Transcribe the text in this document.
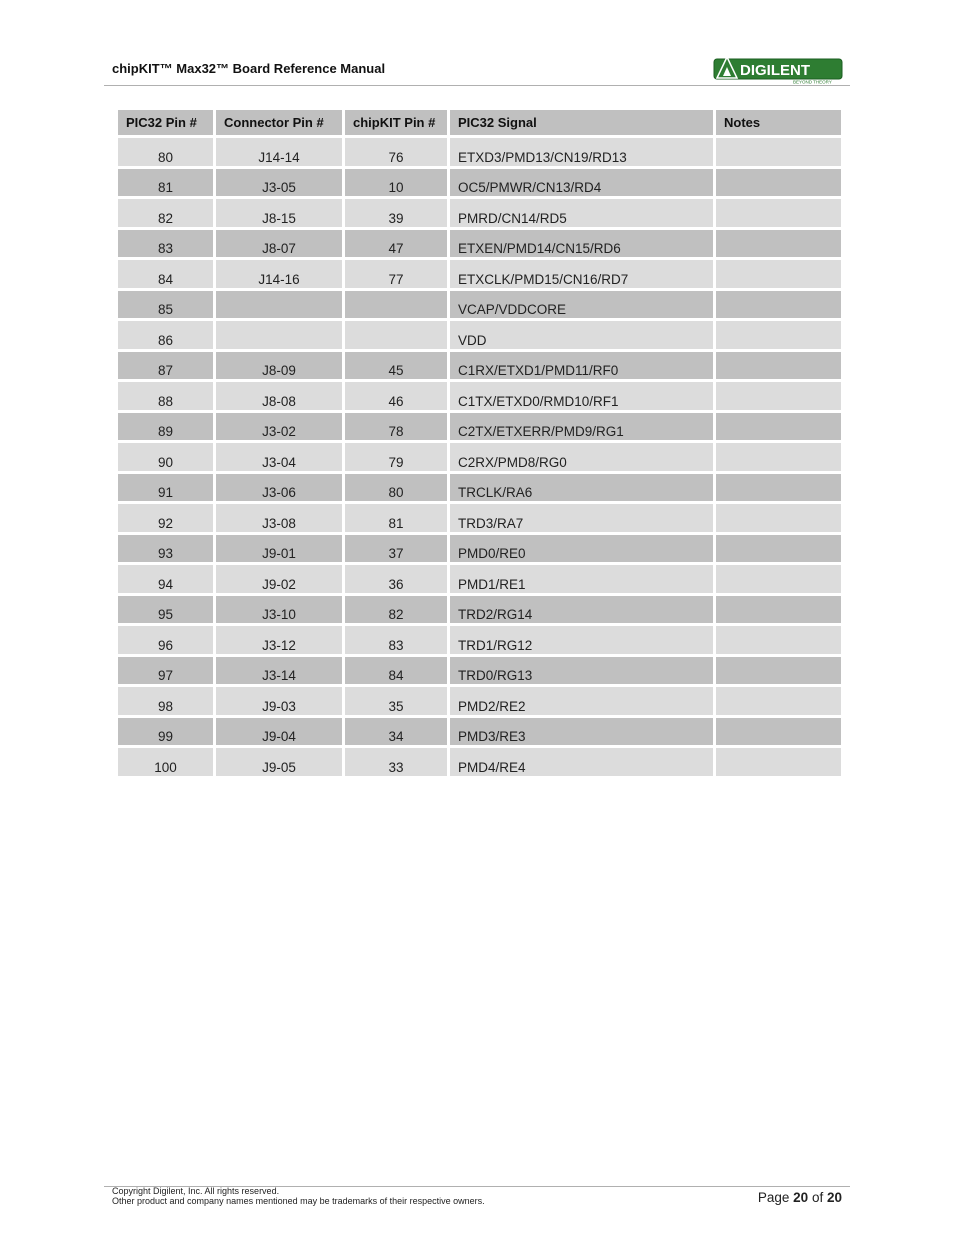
chipKIT™ Max32™ Board Reference Manual	DIGILENT
BEYOND THEORY
PIC32 Pin #	Connector Pin #	chipKIT Pin #	PIC32 Signal	Notes
80	J14-14	76	ETXD3/PMD13/CN19/RD13	
81	J3-05	10	OC5/PMWR/CN13/RD4	
82	J8-15	39	PMRD/CN14/RD5	
83	J8-07	47	ETXEN/PMD14/CN15/RD6	
84	J14-16	77	ETXCLK/PMD15/CN16/RD7	
85			VCAP/VDDCORE	
86			VDD	
87	J8-09	45	C1RX/ETXD1/PMD11/RF0	
88	J8-08	46	C1TX/ETXD0/RMD10/RF1	
89	J3-02	78	C2TX/ETXERR/PMD9/RG1	
90	J3-04	79	C2RX/PMD8/RG0	
91	J3-06	80	TRCLK/RA6	
92	J3-08	81	TRD3/RA7	
93	J9-01	37	PMD0/RE0	
94	J9-02	36	PMD1/RE1	
95	J3-10	82	TRD2/RG14	
96	J3-12	83	TRD1/RG12	
97	J3-14	84	TRD0/RG13	
98	J9-03	35	PMD2/RE2	
99	J9-04	34	PMD3/RE3	
100	J9-05	33	PMD4/RE4	
Copyright Digilent, Inc. All rights reserved.
Other product and company names mentioned may be trademarks of their respective owners.	Page 20 of 20
